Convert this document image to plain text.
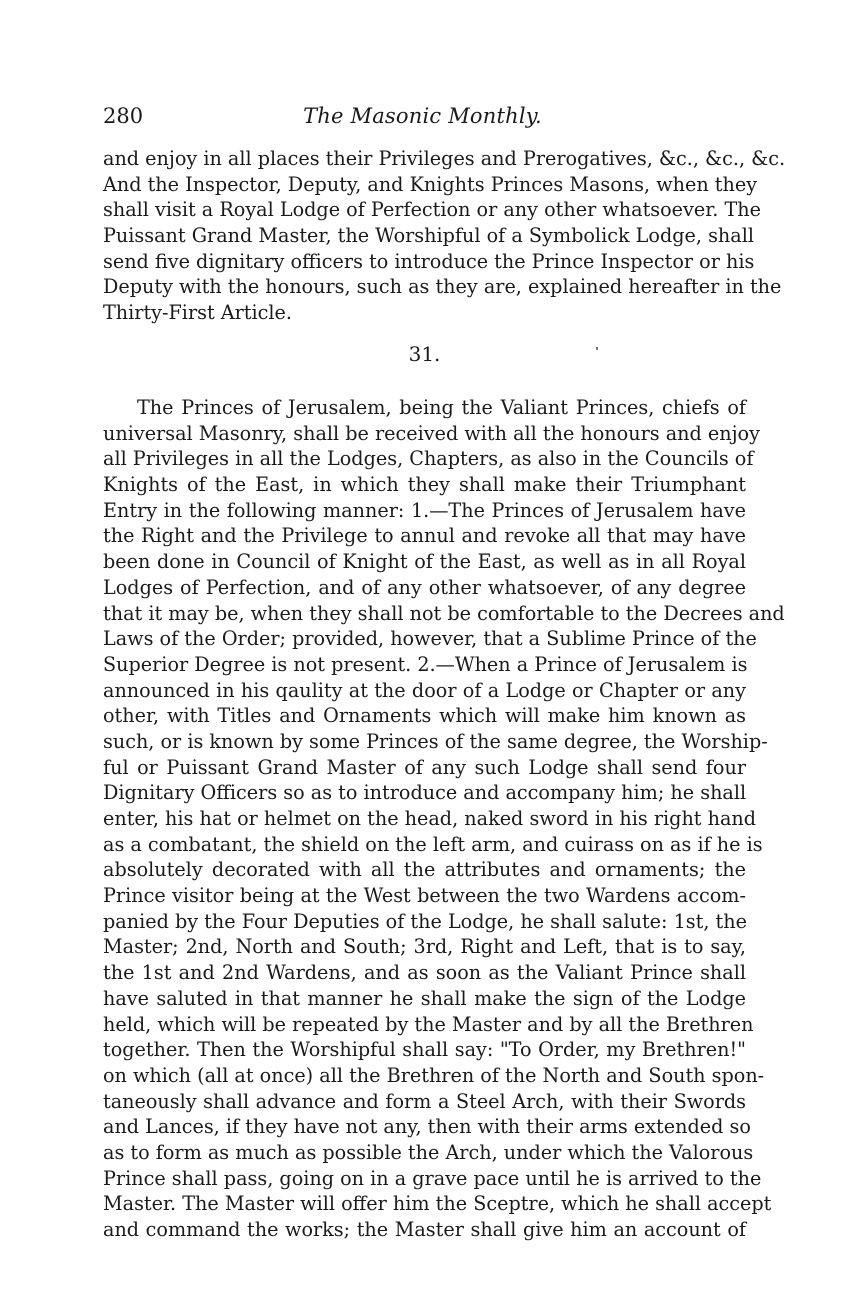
280	The Masonic Monthly.

and enjoy in all places their Privileges and Prerogatives, &c., &c., &c.
And the Inspector, Deputy, and Knights Princes Masons, when they
shall visit a Royal Lodge of Perfection or any other whatsoever. The
Puissant Grand Master, the Worshipful of a Symbolick Lodge, shall
send five dignitary officers to introduce the Prince Inspector or his
Deputy with the honours, such as they are, explained hereafter in the
Thirty-First Article.

31.

The Princes of Jerusalem, being the Valiant Princes, chiefs of
universal Masonry, shall be received with all the honours and enjoy
all Privileges in all the Lodges, Chapters, as also in the Councils of
Knights of the East, in which they shall make their Triumphant
Entry in the following manner: 1.—The Princes of Jerusalem have
the Right and the Privilege to annul and revoke all that may have
been done in Council of Knight of the East, as well as in all Royal
Lodges of Perfection, and of any other whatsoever, of any degree
that it may be, when they shall not be comfortable to the Decrees and
Laws of the Order; provided, however, that a Sublime Prince of the
Superior Degree is not present. 2.—When a Prince of Jerusalem is
announced in his qaulity at the door of a Lodge or Chapter or any
other, with Titles and Ornaments which will make him known as
such, or is known by some Princes of the same degree, the Worship-
ful or Puissant Grand Master of any such Lodge shall send four
Dignitary Officers so as to introduce and accompany him; he shall
enter, his hat or helmet on the head, naked sword in his right hand
as a combatant, the shield on the left arm, and cuirass on as if he is
absolutely decorated with all the attributes and ornaments; the
Prince visitor being at the West between the two Wardens accom-
panied by the Four Deputies of the Lodge, he shall salute: 1st, the
Master; 2nd, North and South; 3rd, Right and Left, that is to say,
the 1st and 2nd Wardens, and as soon as the Valiant Prince shall
have saluted in that manner he shall make the sign of the Lodge
held, which will be repeated by the Master and by all the Brethren
together. Then the Worshipful shall say: "To Order, my Brethren!"
on which (all at once) all the Brethren of the North and South spon-
taneously shall advance and form a Steel Arch, with their Swords
and Lances, if they have not any, then with their arms extended so
as to form as much as possible the Arch, under which the Valorous
Prince shall pass, going on in a grave pace until he is arrived to the
Master. The Master will offer him the Sceptre, which he shall accept
and command the works; the Master shall give him an account of
